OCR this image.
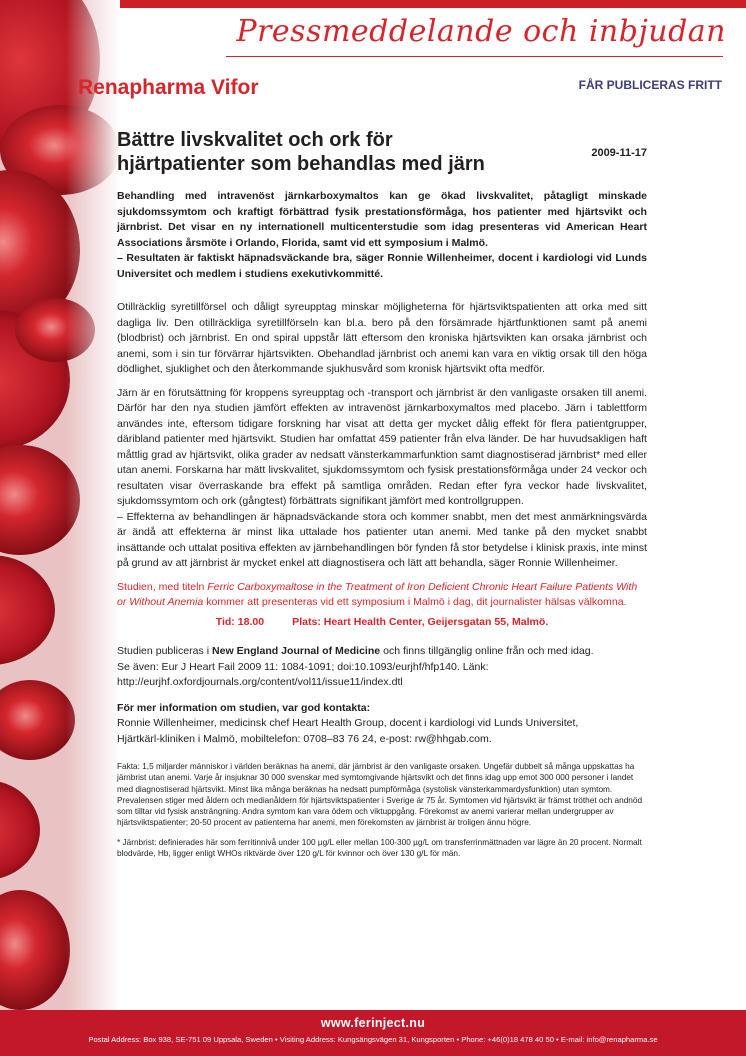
Pressmeddelande och inbjudan
Renapharma Vifor	FÅR PUBLICERAS FRITT
Bättre livskvalitet och ork för
hjärtpatienter som behandlas med järn	2009-11-17

Behandling med intravenöst järnkarboxymaltos kan ge ökad livskvalitet, påtagligt minskade sjukdomssymtom och kraftigt förbättrad fysik prestationsförmåga, hos patienter med hjärtsvikt och järnbrist. Det visar en ny internationell multicenterstudie som idag presenteras vid American Heart Associations årsmöte i Orlando, Florida, samt vid ett symposium i Malmö.

– Resultaten är faktiskt häpnadsväckande bra, säger Ronnie Willenheimer, docent i kardiologi vid Lunds Universitet och medlem i studiens exekutivkommitté.

Otillräcklig syretillförsel och dåligt syreupptag minskar möjligheterna för hjärtsviktspatienten att orka med sitt dagliga liv. Den otillräckliga syretillförseln kan bl.a. bero på den försämrade hjärtfunktionen samt på anemi (blodbrist) och järnbrist. En ond spiral uppstår lätt eftersom den kroniska hjärtsvikten kan orsaka järnbrist och anemi, som i sin tur förvärrar hjärtsvikten. Obehandlad järnbrist och anemi kan vara en viktig orsak till den höga dödlighet, sjuklighet och den återkommande sjukhusvård som kronisk hjärtsvikt ofta medför.

Järn är en förutsättning för kroppens syreupptag och -transport och järnbrist är den vanligaste orsaken till anemi. Därför har den nya studien jämfört effekten av intravenöst järnkarboxymaltos med placebo. Järn i tablettform användes inte, eftersom tidigare forskning har visat att detta ger mycket dålig effekt för flera patientgrupper, däribland patienter med hjärtsvikt. Studien har omfattat 459 patienter från elva länder. De har huvudsakligen haft måttlig grad av hjärtsvikt, olika grader av nedsatt vänsterkammarfunktion samt diagnostiserad järnbrist* med eller utan anemi. Forskarna har mätt livskvalitet, sjukdomssymtom och fysisk prestationsförmåga under 24 veckor och resultaten visar överraskande bra effekt på samtliga områden. Redan efter fyra veckor hade livskvalitet, sjukdomssymtom och ork (gångtest) förbättrats signifikant jämfört med kontrollgruppen.

– Effekterna av behandlingen är häpnadsväckande stora och kommer snabbt, men det mest anmärkningsvärda är ändå att effekterna är minst lika uttalade hos patienter utan anemi. Med tanke på den mycket snabbt insättande och uttalat positiva effekten av järnbehandlingen bör fynden få stor betydelse i klinisk praxis, inte minst på grund av att järnbrist är mycket enkel att diagnostisera och lätt att behandla, säger Ronnie Willenheimer.

Studien, med titeln Ferric Carboxymaltose in the Treatment of Iron Deficient Chronic Heart Failure Patients With or Without Anemia kommer att presenteras vid ett symposium i Malmö i dag, dit journalister hälsas välkomna.
Tid: 18.00	Plats: Heart Health Center, Geijersgatan 55, Malmö.

Studien publiceras i New England Journal of Medicine och finns tillgänglig online från och med idag.
Se även: Eur J Heart Fail 2009 11: 1084-1091; doi:10.1093/eurjhf/hfp140. Länk: http://eurjhf.oxfordjournals.org/content/vol11/issue11/index.dtl

För mer information om studien, var god kontakta:

Ronnie Willenheimer, medicinsk chef Heart Health Group, docent i kardiologi vid Lunds Universitet,
Hjärtkärl-kliniken i Malmö, mobiltelefon: 0708–83 76 24, e-post: rw@hhgab.com.

Fakta: 1,5 miljarder människor i världen beräknas ha anemi, där järnbrist är den vanligaste orsaken. Ungefär dubbelt så många uppskattas ha järnbrist utan anemi. Varje år insjuknar 30 000 svenskar med symtomgivande hjärtsvikt och det finns idag upp emot 300 000 personer i landet med diagnostiserad hjärtsvikt. Minst lika många beräknas ha nedsatt pumpförmåga (systolisk vänsterkammardysfunktion) utan symtom. Prevalensen stiger med åldern och medianåldern för hjärtsviktspatienter i Sverige är 75 år. Symtomen vid hjärtsvikt är främst tröthet och andnöd som tilltar vid fysisk ansträngning. Andra symtom kan vara ödem och viktuppgång. Förekomst av anemi varierar mellan undergrupper av hjärtsviktspatienter; 20-50 procent av patienterna har anemi, men förekomsten av järnbrist är troligen ännu högre.

* Järnbrist: definierades här som ferritinnivå under 100 µg/L eller mellan 100-300 µg/L om transferrinmättnaden var lägre än 20 procent. Normalt blodvärde, Hb, ligger enligt WHOs riktvärde över 120 g/L för kvinnor och över 130 g/L för män.

www.ferinject.nu
Postal Address: Box 938, SE-751 09 Uppsala, Sweden • Visiting Address: Kungsängsvägen 31, Kungsporten • Phone: +46(0)18 478 40 50 • E-mail: info@renapharma.se
